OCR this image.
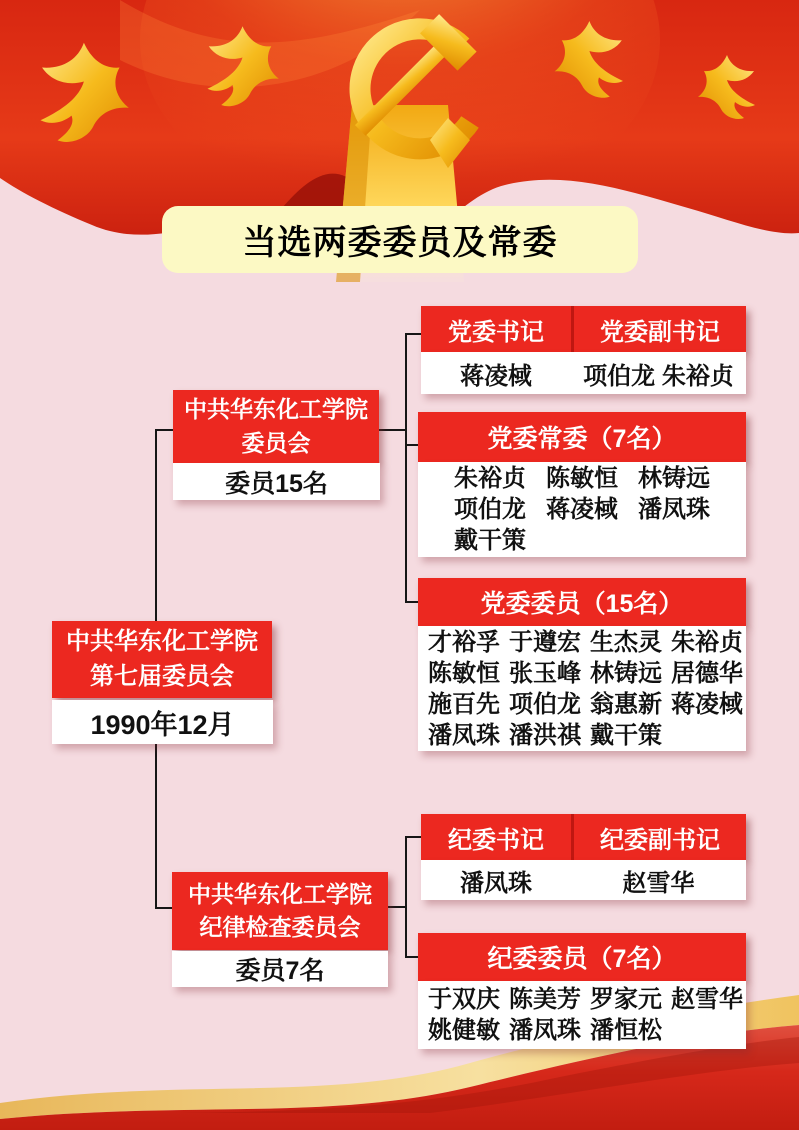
当选两委委员及常委
中共华东化工学院
第七届委员会
1990年12月
中共华东化工学院
委员会
委员15名
党委书记	党委副书记
蒋凌棫	项伯龙 朱裕贞
党委常委（7名）
朱裕贞 陈敏恒 林铸远
项伯龙 蒋凌棫 潘凤珠
戴干策
党委委员（15名）
才裕孚 于遵宏 生杰灵 朱裕贞
陈敏恒 张玉峰 林铸远 居德华
施百先 项伯龙 翁惠新 蒋凌棫
潘凤珠 潘洪祺 戴干策
中共华东化工学院
纪律检查委员会
委员7名
纪委书记	纪委副书记
潘凤珠	赵雪华
纪委委员（7名）
于双庆 陈美芳 罗家元 赵雪华
姚健敏 潘凤珠 潘恒松
